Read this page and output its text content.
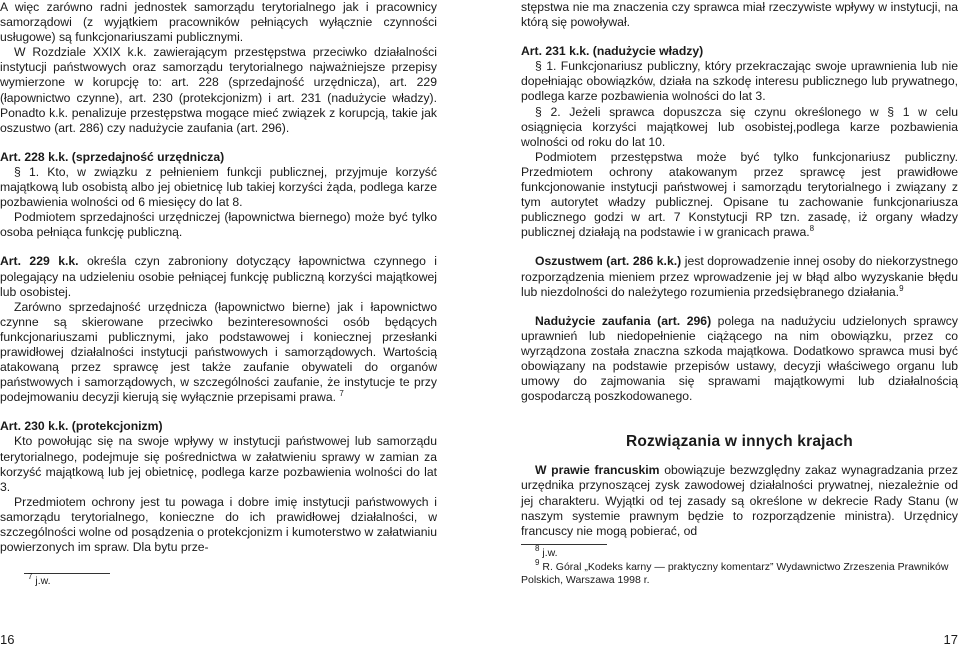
A więc zarówno radni jednostek samorządu terytorialnego jak i pracownicy samorządowi (z wyjątkiem pracowników pełniących wyłącznie czynności usługowe) są funkcjonariuszami publicznymi.

W Rozdziale XXIX k.k. zawierającym przestępstwa przeciwko działalności instytucji państwowych oraz samorządu terytorialnego najważniejsze przepisy wymierzone w korupcję to: art. 228 (sprzedajność urzędnicza), art. 229 (łapownictwo czynne), art. 230 (protekcjonizm) i art. 231 (nadużycie władzy). Ponadto k.k. penalizuje przestępstwa mogące mieć związek z korupcją, takie jak oszustwo (art. 286) czy nadużycie zaufania (art. 296).

Art. 228 k.k. (sprzedajność urzędnicza)

§ 1. Kto, w związku z pełnieniem funkcji publicznej, przyjmuje korzyść majątkową lub osobistą albo jej obietnicę lub takiej korzyści żąda, podlega karze pozbawienia wolności od 6 miesięcy do lat 8.

Podmiotem sprzedajności urzędniczej (łapownictwa biernego) może być tylko osoba pełniąca funkcję publiczną.

Art. 229 k.k. określa czyn zabroniony dotyczący łapownictwa czynnego i polegający na udzieleniu osobie pełniącej funkcję publiczną korzyści majątkowej lub osobistej.

Zarówno sprzedajność urzędnicza (łapownictwo bierne) jak i łapownictwo czynne są skierowane przeciwko bezinteresowności osób będących funkcjonariuszami publicznymi, jako podstawowej i koniecznej przesłanki prawidłowej działalności instytucji państwowych i samorządowych. Wartością atakowaną przez sprawcę jest także zaufanie obywateli do organów państwowych i samorządowych, w szczególności zaufanie, że instytucje te przy podejmowaniu decyzji kierują się wyłącznie przepisami prawa. $^7$

Art. 230 k.k. (protekcjonizm)

Kto powołując się na swoje wpływy w instytucji państwowej lub samorządu terytorialnego, podejmuje się pośrednictwa w załatwieniu sprawy w zamian za korzyść majątkową lub jej obietnicę, podlega karze pozbawienia wolności do lat 3.

Przedmiotem ochrony jest tu powaga i dobre imię instytucji państwowych i samorządu terytorialnego, konieczne do ich prawidłowej działalności, w szczególności wolne od posądzenia o protekcjonizm i kumoterstwo w załatwianiu powierzonych im spraw. Dla bytu prze-

$^7$ j.w.
16

stępstwa nie ma znaczenia czy sprawca miał rzeczywiste wpływy w instytucji, na którą się powoływał.

Art. 231 k.k. (nadużycie władzy)

§ 1. Funkcjonariusz publiczny, który przekraczając swoje uprawnienia lub nie dopełniając obowiązków, działa na szkodę interesu publicznego lub prywatnego, podlega karze pozbawienia wolności do lat 3.

§ 2. Jeżeli sprawca dopuszcza się czynu określonego w § 1 w celu osiągnięcia korzyści majątkowej lub osobistej,podlega karze pozbawienia wolności od roku do lat 10.

Podmiotem przestępstwa może być tylko funkcjonariusz publiczny. Przedmiotem ochrony atakowanym przez sprawcę jest prawidłowe funkcjonowanie instytucji państwowej i samorządu terytorialnego i związany z tym autorytet władzy publicznej. Opisane tu zachowanie funkcjonariusza publicznego godzi w art. 7 Konstytucji RP tzn. zasadę, iż organy władzy publicznej działają na podstawie i w granicach prawa.$^8$

Oszustwem (art. 286 k.k.) jest doprowadzenie innej osoby do niekorzystnego rozporządzenia mieniem przez wprowadzenie jej w błąd albo wyzyskanie błędu lub niezdolności do należytego rozumienia przedsiębranego działania.$^9$

Nadużycie zaufania (art. 296) polega na nadużyciu udzielonych sprawcy uprawnień lub niedopełnienie ciążącego na nim obowiązku, przez co wyrządzona została znaczna szkoda majątkowa. Dodatkowo sprawca musi być obowiązany na podstawie przepisów ustawy, decyzji właściwego organu lub umowy do zajmowania się sprawami majątkowymi lub działalnością gospodarczą poszkodowanego.

Rozwiązania w innych krajach

W prawie francuskim obowiązuje bezwzględny zakaz wynagradzania przez urzędnika przynoszącej zysk zawodowej działalności prywatnej, niezależnie od jej charakteru. Wyjątki od tej zasady są określone w dekrecie Rady Stanu (w naszym systemie prawnym będzie to rozporządzenie ministra). Urzędnicy francuscy nie mogą pobierać, od

$^8$ j.w.
$^9$ R. Góral „Kodeks karny — praktyczny komentarz” Wydawnictwo Zrzeszenia Prawników Polskich, Warszawa 1998 r.
17
